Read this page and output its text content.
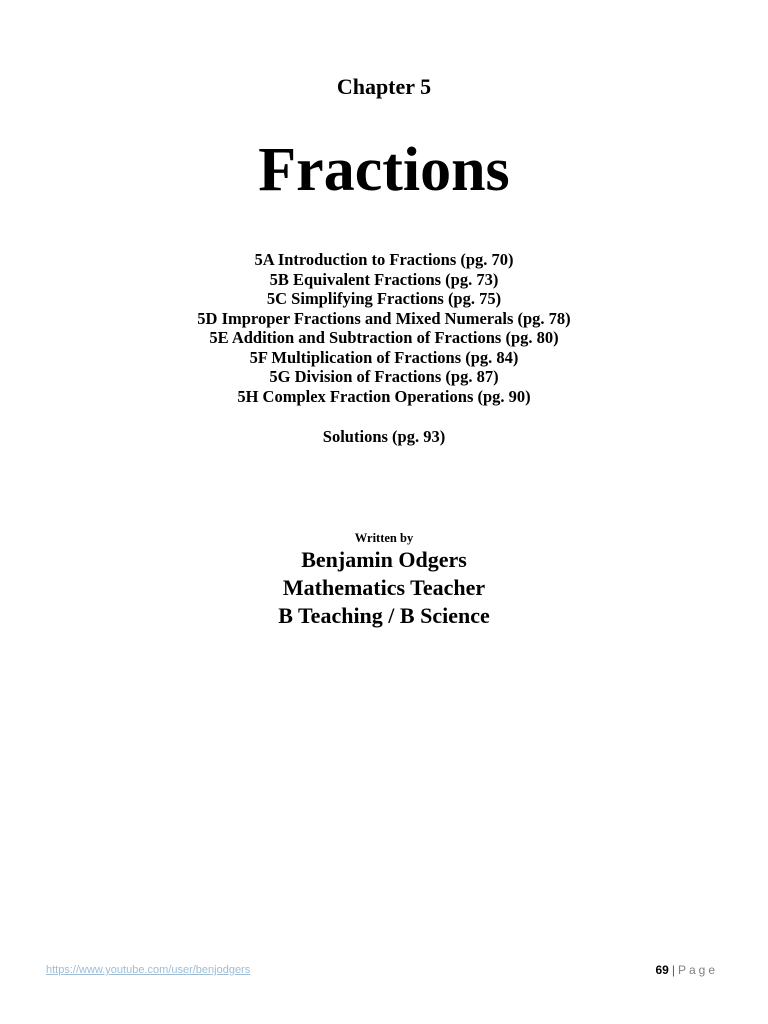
Chapter 5
Fractions
5A Introduction to Fractions (pg. 70)
5B Equivalent Fractions (pg. 73)
5C Simplifying Fractions (pg. 75)
5D Improper Fractions and Mixed Numerals (pg. 78)
5E Addition and Subtraction of Fractions (pg. 80)
5F Multiplication of Fractions (pg. 84)
5G Division of Fractions (pg. 87)
5H Complex Fraction Operations (pg. 90)
Solutions (pg. 93)
Written by
Benjamin Odgers
Mathematics Teacher
B Teaching / B Science
https://www.youtube.com/user/benjodgers	69 | Page
